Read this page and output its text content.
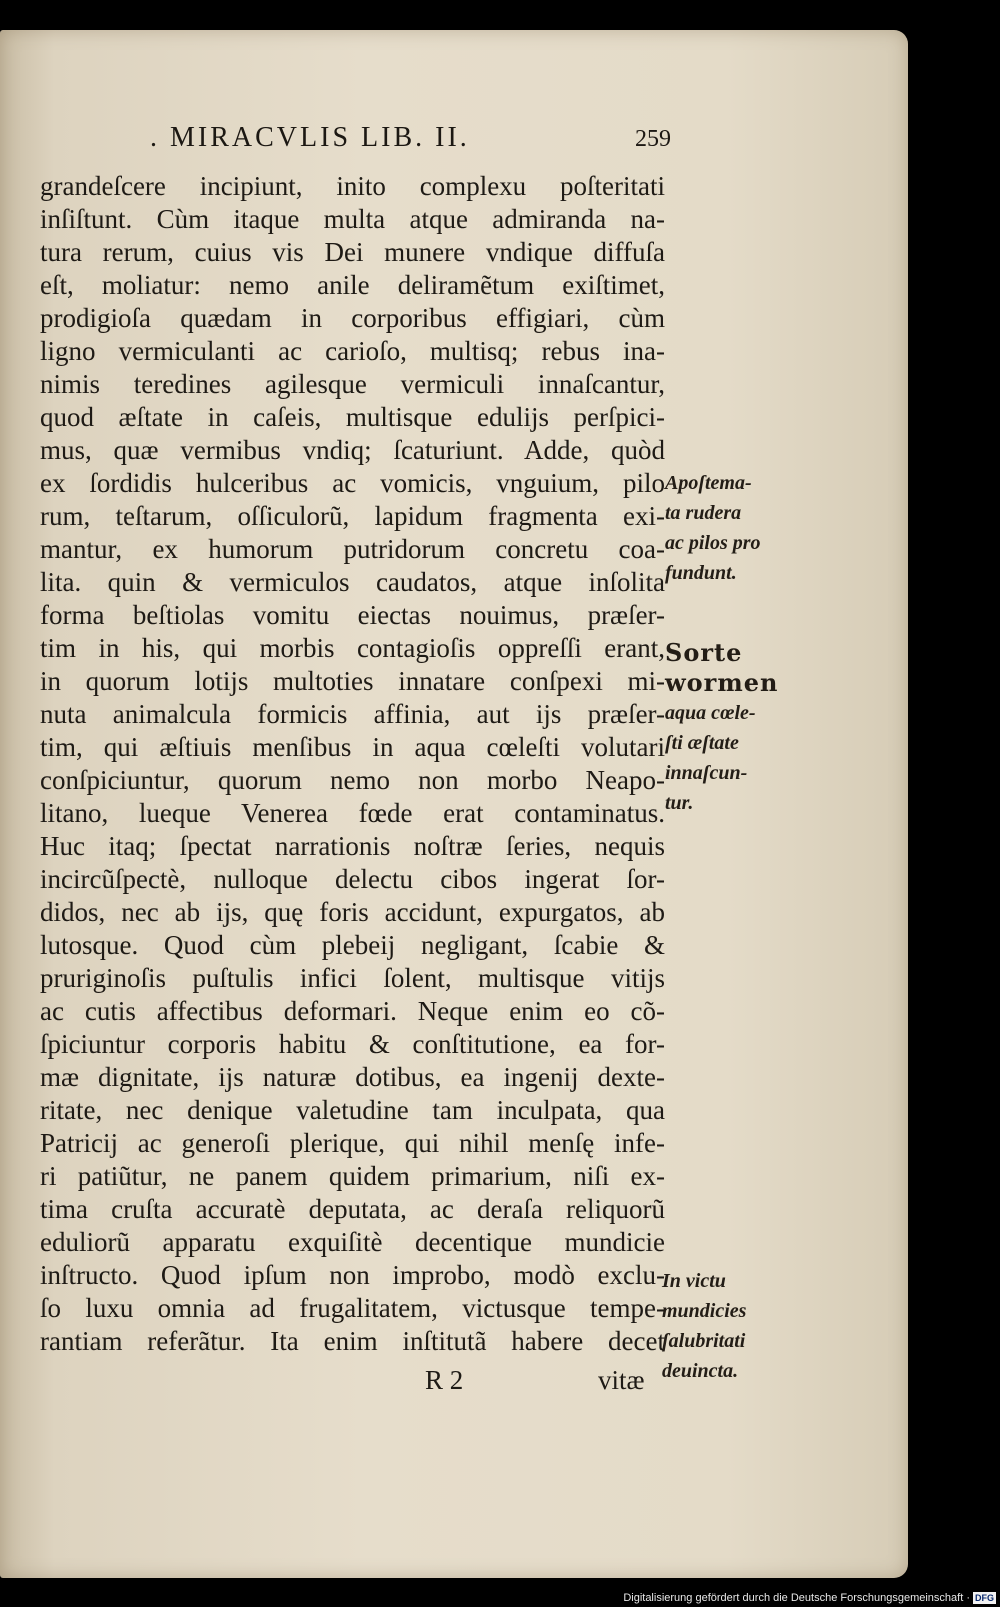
. MIRACVLIS LIB. II.	259
grandeſcere incipiunt, inito complexu poſteritati
inſiſtunt. Cùm itaque multa atque admiranda na-
tura rerum, cuius vis Dei munere vndique diffuſa
eſt, moliatur: nemo anile deliramẽtum exiſtimet,
prodigioſa quædam in corporibus effigiari, cùm
ligno vermiculanti ac carioſo, multisq; rebus ina-
nimis teredines agilesque vermiculi innaſcantur,
quod æſtate in caſeis, multisque edulijs perſpici-
mus, quæ vermibus vndiq; ſcaturiunt. Adde, quòd
ex ſordidis hulceribus ac vomicis, vnguium, pilo
rum, teſtarum, oſſiculorũ, lapidum fragmenta exi-
mantur, ex humorum putridorum concretu coa-
lita. quin & vermiculos caudatos, atque inſolita
forma beſtiolas vomitu eiectas nouimus, præſer-
tim in his, qui morbis contagioſis oppreſſi erant,
in quorum lotijs multoties innatare conſpexi mi-
nuta animalcula formicis affinia, aut ijs præſer-
tim, qui æſtiuis menſibus in aqua cœleſti volutari
conſpiciuntur, quorum nemo non morbo Neapo-
litano, lueque Venerea fœde erat contaminatus.
Huc itaq; ſpectat narrationis noſtræ ſeries, nequis
incircũſpectè, nulloque delectu cibos ingerat ſor-
didos, nec ab ijs, quę foris accidunt, expurgatos, ab
lutosque. Quod cùm plebeij negligant, ſcabie &
pruriginoſis puſtulis infici ſolent, multisque vitijs
ac cutis affectibus deformari. Neque enim eo cõ-
ſpiciuntur corporis habitu & conſtitutione, ea for-
mæ dignitate, ijs naturæ dotibus, ea ingenij dexte-
ritate, nec denique valetudine tam inculpata, qua
Patricij ac generoſi plerique, qui nihil menſę infe-
ri patiũtur, ne panem quidem primarium, niſi ex-
tima cruſta accuratè deputata, ac deraſa reliquorũ
eduliorũ apparatu exquiſitè decentique mundicie
inſtructo. Quod ipſum non improbo, modò exclu-
ſo luxu omnia ad frugalitatem, victusque tempe-
rantiam referãtur. Ita enim inſtitutã habere decet
R 2	vitæ
Apoſtema-
ta rudera
ac pilos pro
fundunt.
Sorte
wormen
aqua cœle-
ſti æſtate
innaſcun-
tur.
In victu
mundicies
ſalubritati
deuincta.
Digitalisierung gefördert durch die Deutsche Forschungsgemeinschaft · DFG
